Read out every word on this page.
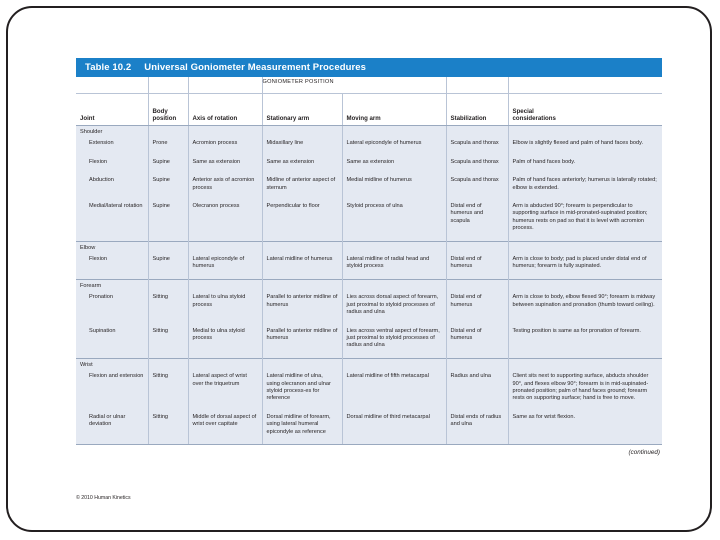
Table 10.2 Universal Goniometer Measurement Procedures
			GONIOMETER POSITION			
Joint	Body
position	Axis of rotation	Stationary arm	Moving arm	Stabilization	Special
considerations
Shoulder						
Extension	Prone	Acromion process	Midaxillary line	Lateral epicondyle of humerus	Scapula and thorax	Elbow is slightly flexed and palm of hand faces body.

Flexion	Supine	Same as extension	Same as extension	Same as extension	Scapula and thorax	Palm of hand faces body.

Abduction	Supine	Anterior axis of acromion process	Midline of anterior aspect of sternum	Medial midline of humerus	Scapula and thorax	Palm of hand faces anteriorly; humerus is laterally rotated; elbow is extended.

Medial/lateral rotation	Supine	Olecranon process	Perpendicular to floor	Styloid process of ulna	Distal end of humerus and scapula	Arm is abducted 90°; forearm is perpendicular to supporting surface in mid-pronated-supinated position; humerus rests on pad so that it is level with acromion process.

Elbow						
Flexion	Supine	Lateral epicondyle of humerus	Lateral midline of humerus	Lateral midline of radial head and styloid process	Distal end of humerus	Arm is close to body; pad is placed under distal end of humerus; forearm is fully supinated.

Forearm						
Pronation	Sitting	Lateral to ulna styloid process	Parallel to anterior midline of humerus	Lies across dorsal aspect of forearm, just proximal to styloid processes of radius and ulna	Distal end of humerus	Arm is close to body, elbow flexed 90°; forearm is midway between supination and pronation (thumb toward ceiling).

Supination	Sitting	Medial to ulna styloid process	Parallel to anterior midline of humerus	Lies across ventral aspect of forearm, just proximal to styloid processes of radius and ulna	Distal end of humerus	Testing position is same as for pronation of forearm.

Wrist						
Flexion and extension	Sitting	Lateral aspect of wrist over the triquetrum	Lateral midline of ulna, using olecranon and ulnar styloid process-es for reference	Lateral midline of fifth metacarpal	Radius and ulna	Client sits next to supporting surface, abducts shoulder 90°, and flexes elbow 90°; forearm is in mid-supinated-pronated position; palm of hand faces ground; forearm rests on supporting surface; hand is free to move.

Radial or ulnar deviation	Sitting	Middle of dorsal aspect of wrist over capitate	Dorsal midline of forearm, using lateral humeral epicondyle as reference	Dorsal midline of third metacarpal	Distal ends of radius and ulna	Same as for wrist flexion.

(continued)
© 2010 Human Kinetics
